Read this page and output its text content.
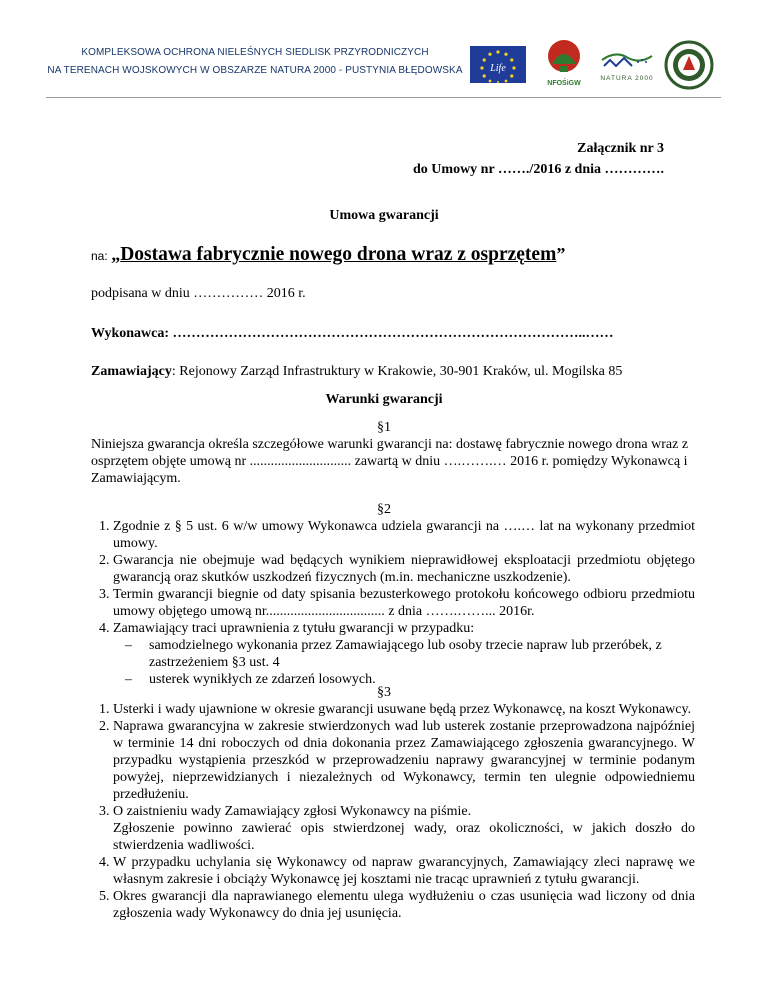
KOMPLEKSOWA OCHRONA NIELEŚNYCH SIEDLISK PRZYRODNICZYCH
NA TERENACH WOJSKOWYCH W OBSZARZE NATURA 2000 - PUSTYNIA BŁĘDOWSKA	Life
NFOŚiGW
NATURA 2000
Załącznik nr 3
do Umowy nr ……./2016 z dnia ………….
Umowa gwarancji
na: „Dostawa fabrycznie nowego drona wraz z osprzętem”
podpisana w dniu …………… 2016 r.
Wykonawca: ……………………………………………………………………………..……
Zamawiający: Rejonowy Zarząd Infrastruktury w Krakowie, 30-901 Kraków, ul. Mogilska 85
Warunki gwarancji
§1
Niniejsza gwarancja określa szczegółowe warunki gwarancji na: dostawę fabrycznie nowego drona wraz z osprzętem objęte umową nr ............................. zawartą w dniu ….…….… 2016 r. pomiędzy Wykonawcą i Zamawiającym.
§2
1. Zgodnie z § 5 ust. 6 w/w umowy Wykonawca udziela gwarancji na ….… lat na wykonany przedmiot umowy.
2. Gwarancja nie obejmuje wad będących wynikiem nieprawidłowej eksploatacji przedmiotu objętego gwarancją oraz skutków uszkodzeń fizycznych (m.in. mechaniczne uszkodzenie).
3. Termin gwarancji biegnie od daty spisania bezusterkowego protokołu końcowego odbioru przedmiotu umowy objętego umową nr.................................. z dnia …….……... 2016r.
4. Zamawiający traci uprawnienia z tytułu gwarancji w przypadku:
– samodzielnego wykonania przez Zamawiającego lub osoby trzecie napraw lub przeróbek, z zastrzeżeniem §3 ust. 4
– usterek wynikłych ze zdarzeń losowych.
§3
1. Usterki i wady ujawnione w okresie gwarancji usuwane będą przez Wykonawcę, na koszt Wykonawcy.
2. Naprawa gwarancyjna w zakresie stwierdzonych wad lub usterek zostanie przeprowadzona najpóźniej w terminie 14 dni roboczych od dnia dokonania przez Zamawiającego zgłoszenia gwarancyjnego. W przypadku wystąpienia przeszkód w przeprowadzeniu naprawy gwarancyjnej w terminie podanym powyżej, nieprzewidzianych i niezależnych od Wykonawcy, termin ten ulegnie odpowiedniemu przedłużeniu.
3. O zaistnieniu wady Zamawiający zgłosi Wykonawcy na piśmie.
Zgłoszenie powinno zawierać opis stwierdzonej wady, oraz okoliczności, w jakich doszło do stwierdzenia wadliwości.
4. W przypadku uchylania się Wykonawcy od napraw gwarancyjnych, Zamawiający zleci naprawę we własnym zakresie i obciąży Wykonawcę jej kosztami nie tracąc uprawnień z tytułu gwarancji.
5. Okres gwarancji dla naprawianego elementu ulega wydłużeniu o czas usunięcia wad liczony od dnia zgłoszenia wady Wykonawcy do dnia jej usunięcia.
